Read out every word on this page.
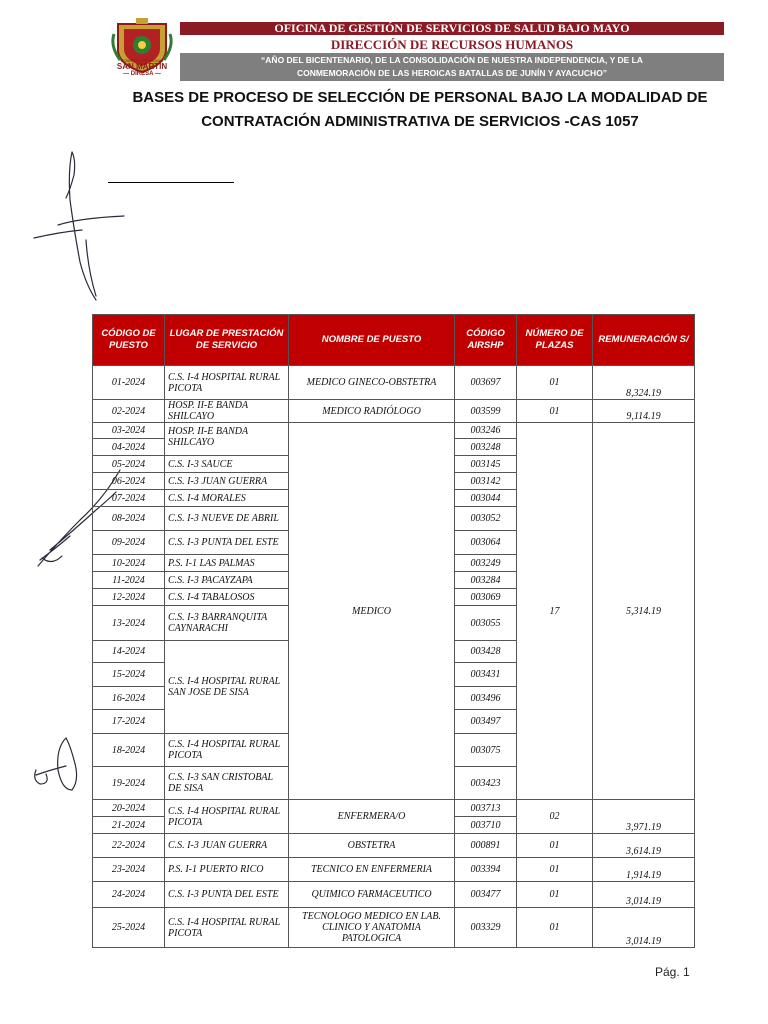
GOBIERNO REGIONAL
SAN MARTIN
— DIRESA —
OFICINA DE GESTIÓN DE SERVICIOS DE SALUD BAJO MAYO
DIRECCIÓN DE RECURSOS HUMANOS
“AÑO DEL BICENTENARIO, DE LA CONSOLIDACIÓN DE NUESTRA INDEPENDENCIA, Y DE LA
CONMEMORACIÓN DE LAS HEROICAS BATALLAS DE JUNÍN Y AYACUCHO”
BASES DE PROCESO DE SELECCIÓN DE PERSONAL BAJO LA MODALIDAD DE
CONTRATACIÓN ADMINISTRATIVA DE SERVICIOS -CAS 1057
CÓDIGO DE PUESTO	LUGAR DE PRESTACIÓN DE SERVICIO	NOMBRE DE PUESTO	CÓDIGO AIRSHP	NÚMERO DE PLAZAS	REMUNERACIÓN S/
01-2024	C.S. I-4 HOSPITAL RURAL PICOTA	MEDICO GINECO-OBSTETRA	003697	01	8,324.19
02-2024	HOSP. II-E BANDA SHILCAYO	MEDICO RADIÓLOGO	003599	01	9,114.19
03-2024	HOSP. II-E BANDA SHILCAYO	MEDICO	003246	17	5,314.19
04-2024			003248		
05-2024	C.S. I-3 SAUCE		003145		
06-2024	C.S. I-3 JUAN GUERRA		003142		
07-2024	C.S. I-4 MORALES		003044		
08-2024	C.S. I-3 NUEVE DE ABRIL		003052		
09-2024	C.S. I-3 PUNTA DEL ESTE		003064		
10-2024	P.S. I-1 LAS PALMAS		003249		
11-2024	C.S. I-3 PACAYZAPA		003284		
12-2024	C.S. I-4 TABALOSOS		003069		
13-2024	C.S. I-3 BARRANQUITA CAYNARACHI		003055		
14-2024	C.S. I-4 HOSPITAL RURAL SAN JOSE DE SISA		003428		
15-2024			003431		
16-2024			003496		
17-2024			003497		
18-2024	C.S. I-4 HOSPITAL RURAL PICOTA		003075		
19-2024	C.S. I-3 SAN CRISTOBAL DE SISA		003423		
20-2024	C.S. I-4 HOSPITAL RURAL PICOTA	ENFERMERA/O	003713	02	3,971.19
21-2024			003710		
22-2024	C.S. I-3 JUAN GUERRA	OBSTETRA	000891	01	3,614.19
23-2024	P.S. I-1 PUERTO RICO	TECNICO EN ENFERMERIA	003394	01	1,914.19
24-2024	C.S. I-3 PUNTA DEL ESTE	QUIMICO FARMACEUTICO	003477	01	3,014.19
25-2024	C.S. I-4 HOSPITAL RURAL PICOTA	TECNOLOGO MEDICO EN LAB. CLINICO Y ANATOMIA PATOLOGICA	003329	01	3,014.19
Pág. 1
